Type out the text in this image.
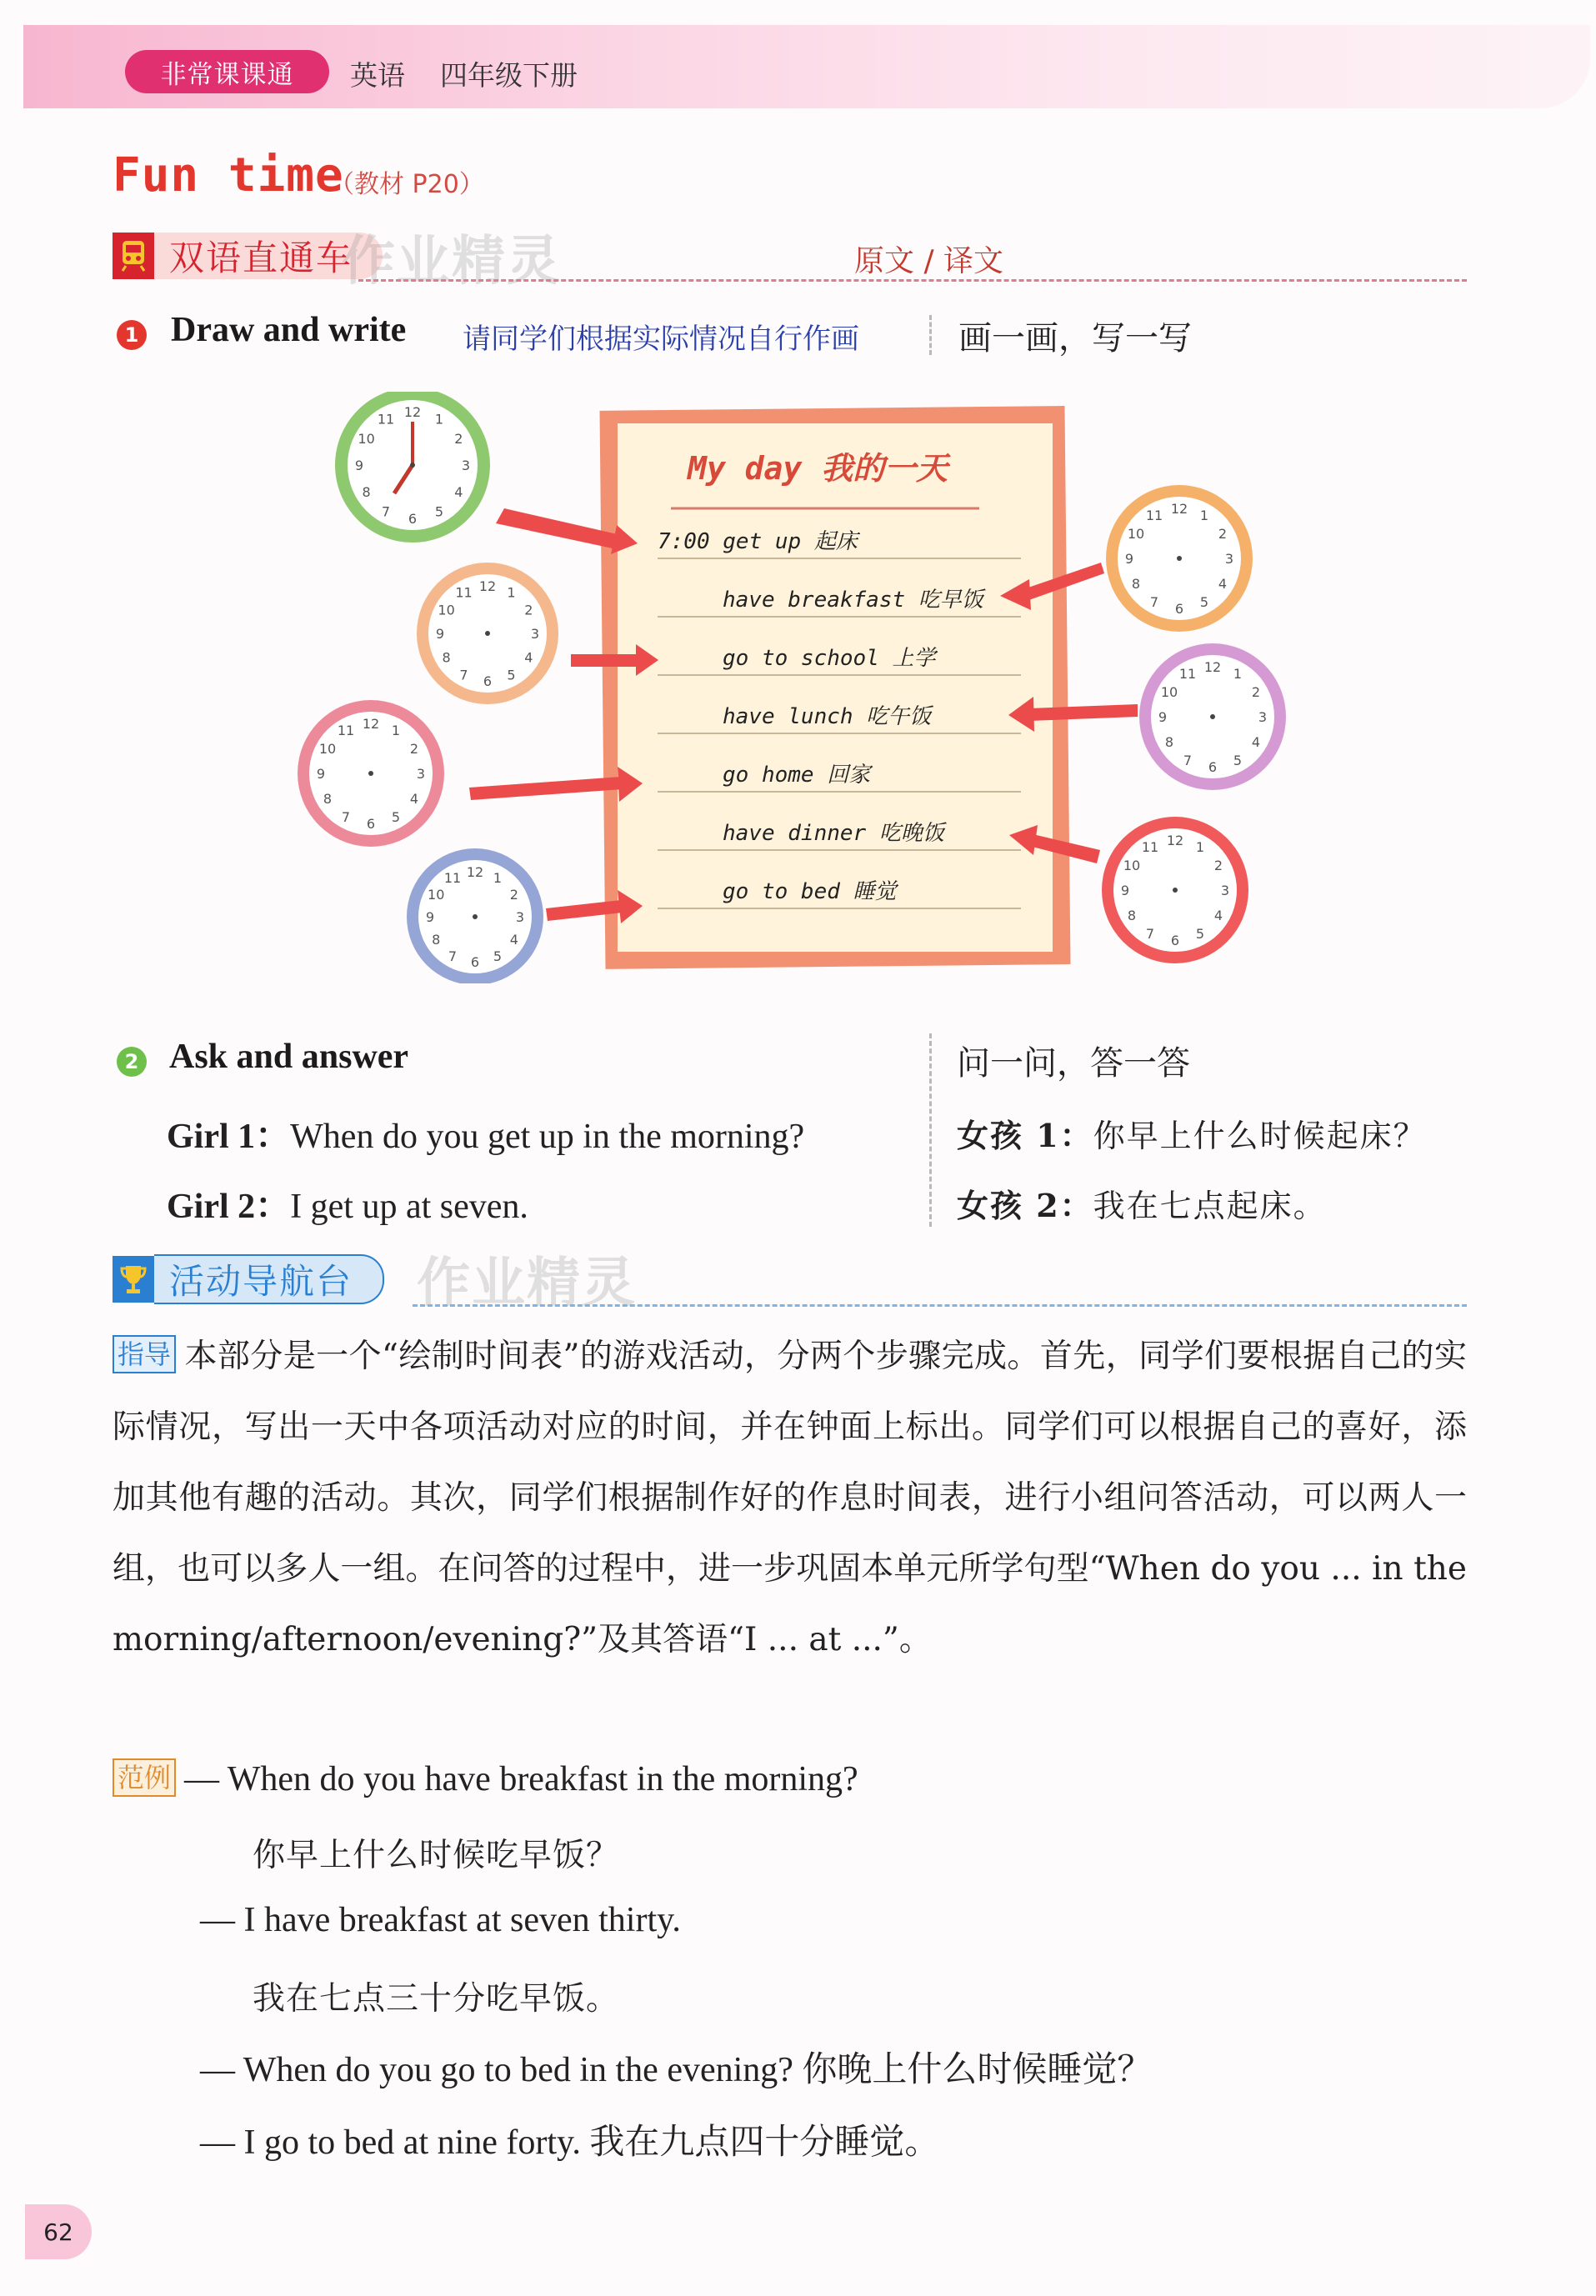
非常课课通	英语 四年级下册
Fun time
（教材 P20）
双语直通车
作业精灵	原文 / 译文
1 Draw and write 请同学们根据实际情况自行作画	画一画，写一写
My day 我的一天
7:00 get up 起床
have breakfast 吃早饭
go to school 上学
have lunch 吃午饭
go home 回家
have dinner 吃晚饭
go to bed 睡觉
12 1
2
3
4
5
6
7
8
9
10
11
12 1
2
3
4
5
6
7
8
9
10
11
12 1
2
3
4
5
6
7
8
9
10
11
12 1
2
3
4
5
6
7
8
9
10
11
12 1
2
3
4
5
6
7
8
9
10
11
12 1
2
3
4
5
6
7
8
9
10
11
12 1
2
3
4
5
6
7
8
9
10
11
2 Ask and answer	问一问，答一答
Girl 1：When do you get up in the morning?
Girl 2：I get up at seven.
女孩 1：你早上什么时候起床？
女孩 2：我在七点起床。
活动导航台	作业精灵
指导 本部分是一个“绘制时间表”的游戏活动，分两个步骤完成。首先，同学们要根据自己的实际情况，写出一天中各项活动对应的时间，并在钟面上标出。同学们可以根据自己的喜好，添加其他有趣的活动。其次，同学们根据制作好的作息时间表，进行小组问答活动，可以两人一组，也可以多人一组。在问答的过程中，进一步巩固本单元所学句型“When do you ... in the morning/afternoon/evening?”及其答语“I ... at ...”。
范例 — When do you have breakfast in the morning?
你早上什么时候吃早饭？
— I have breakfast at seven thirty.
我在七点三十分吃早饭。
— When do you go to bed in the evening? 你晚上什么时候睡觉？
— I go to bed at nine forty. 我在九点四十分睡觉。
62
